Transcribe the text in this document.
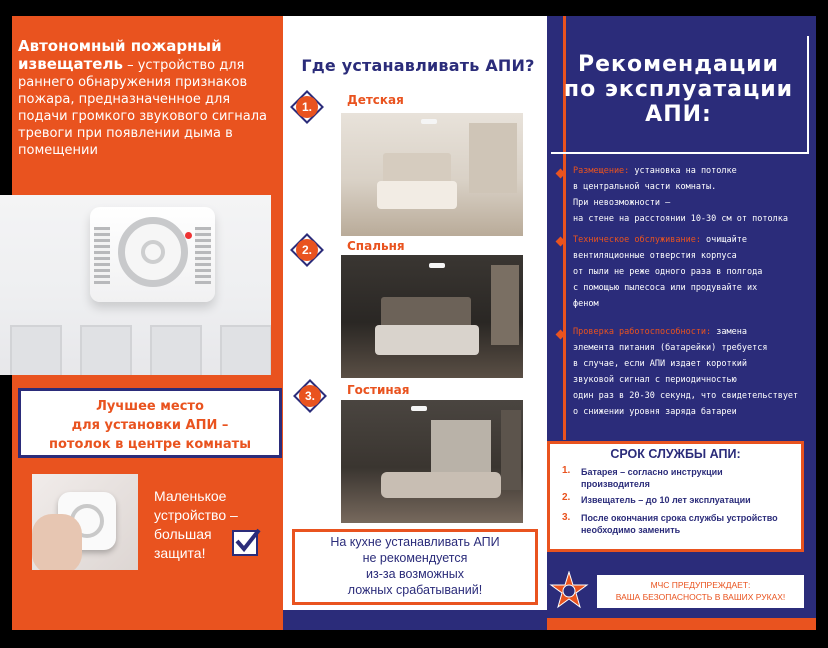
Автономный пожарный извещатель – устройство для раннего обнаружения признаков пожара, предназначенное для подачи громкого звукового сигнала тревоги при появлении дыма в помещении
Лучшее место
для установки АПИ –
потолок в центре комнаты
Маленькое
устройство –
большая
защита!
Где устанавливать АПИ?
1.	Детская
2.	Спальня
3.	Гостиная
На кухне устанавливать АПИ
не рекомендуется
из-за возможных
ложных срабатываний!
Рекомендации
по эксплуатации
АПИ:
Размещение: установка на потолке
в центральной части комнаты.
При невозможности –
на стене на расстоянии 10-30 см от потолка
Техническое обслуживание: очищайте
вентиляционные отверстия корпуса
от пыли не реже одного раза в полгода
с помощью пылесоса или продувайте их
феном
Проверка работоспособности: замена
элемента питания (батарейки) требуется
в случае, если АПИ издает короткий
звуковой сигнал с периодичностью
один раз в 20-30 секунд, что свидетельствует
о снижении уровня заряда батареи
СРОК СЛУЖБЫ АПИ:
1. Батарея – согласно инструкции производителя
2. Извещатель – до 10 лет эксплуатации
3. После окончания срока службы устройство необходимо заменить
МЧС ПРЕДУПРЕЖДАЕТ:
ВАША БЕЗОПАСНОСТЬ В ВАШИХ РУКАХ!
